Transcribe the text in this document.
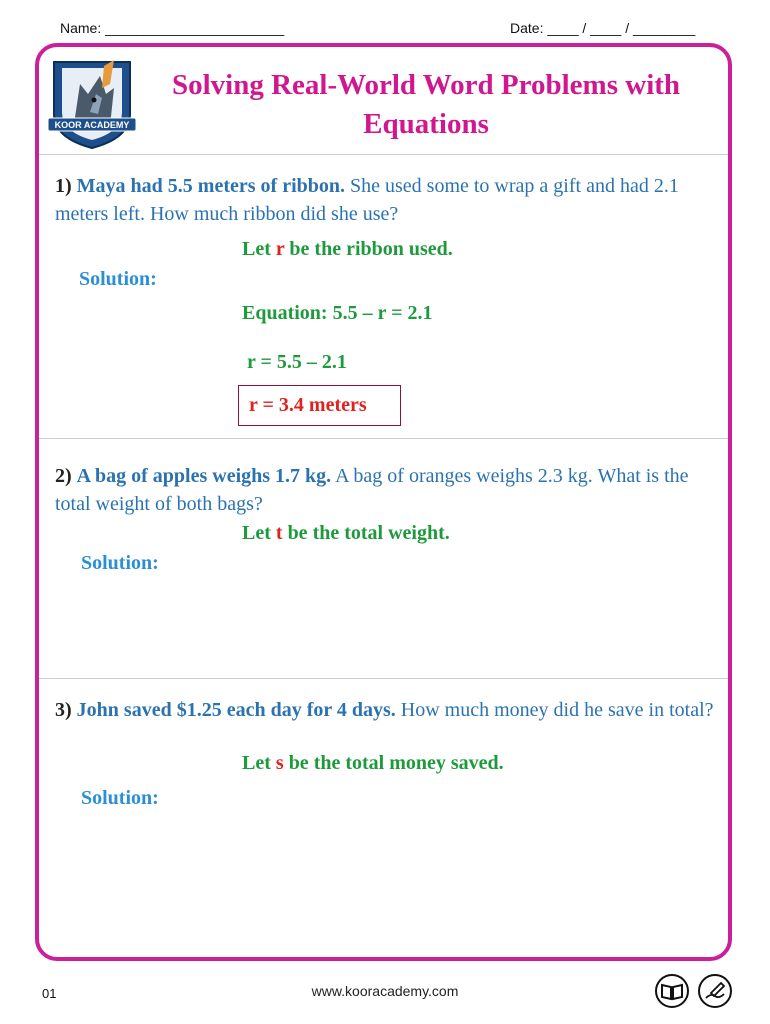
Name: _______________________	Date: ____ / ____ / ________
KOOR ACADEMY
Solving Real-World Word Problems with
Equations
1) Maya had 5.5 meters of ribbon. She used some to wrap a gift and had 2.1 meters left. How much ribbon did she use?
Let r be the ribbon used.
Solution:
Equation: 5.5 – r = 2.1
r = 5.5 – 2.1
r = 3.4 meters
2) A bag of apples weighs 1.7 kg. A bag of oranges weighs 2.3 kg. What is the total weight of both bags?
Let t be the total weight.
Solution:
3) John saved $1.25 each day for 4 days. How much money did he save in total?
Let s be the total money saved.
Solution:
01	www.kooracademy.com
